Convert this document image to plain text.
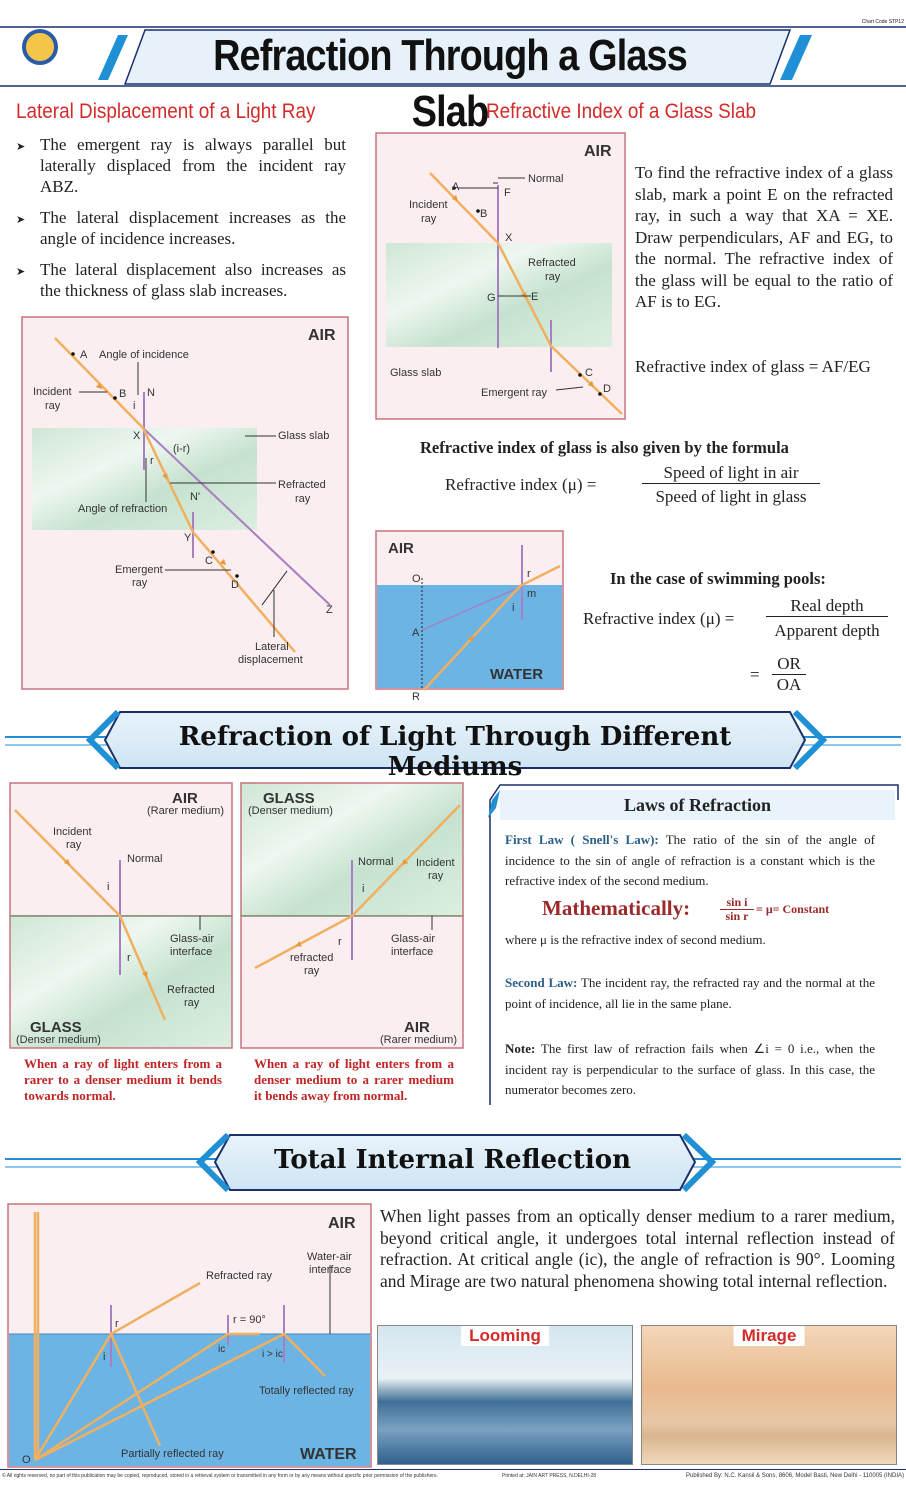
AIR
A Angle of incidence
Incident
ray
B N
i
X	Glass slab
(i-r)
r
Refracted
ray
N'
Angle of refraction
Y
C
Emergent
ray	D
Z
Lateral
displacement
AIR
Normal
A	F
Incident
ray	B
X
Refracted
ray
G	E
Glass slab	C
Emergent ray	D
AIR
WATER
O
A
R
r
i
m
AIR
(Rarer medium)
GLASS
(Denser medium)
Incident
ray
Normal
i
r
Glass-air
interface
Refracted
ray
GLASS
(Denser medium)
AIR
(Rarer medium)
Normal Incident
ray
i
r
refracted
ray
Glass-air
interface
AIR
WATER
Water-air
interface
Refracted ray
r	r = 90°
i
ic	i > ic
Totally reflected ray
Partially reflected ray
O
Refraction Through a Glass Slab
Chart Code STP12
Lateral Displacement of a Light Ray
➤ The emergent ray is always parallel but laterally displaced from the incident ray ABZ.
➤ The lateral displacement increases as the angle of incidence increases.
➤ The lateral displacement also increases as the thickness of glass slab increases.
Refractive Index of a Glass Slab
To find the refractive index of a glass slab, mark a point E on the refracted ray, in such a way that XA = XE. Draw perpendiculars, AF and EG, to the normal. The refractive index of the glass will be equal to the ratio of AF is to EG.
Refractive index of glass = AF/EG
Refractive index of glass is also given by the formula
Refractive index (μ) =
Speed of light in air
Speed of light in glass
In the case of swimming pools:
Refractive index (μ) =
Real depth
Apparent depth
=
OR
OA
Refraction of Light Through Different Mediums
When a ray of light enters from a rarer to a denser medium it bends towards normal.
When a ray of light enters from a denser medium to a rarer medium it bends away from normal.
Laws of Refraction
First Law ( Snell's Law): The ratio of the sin of the angle of incidence to the sin of angle of refraction is a constant which is the refractive index of the second medium.
Mathematically:	sin i
sin r = μ= Constant
where μ is the refractive index of second medium.
Second Law: The incident ray, the refracted ray and the normal at the point of incidence, all lie in the same plane.
Note: The first law of refraction fails when ∠i = 0 i.e., when the incident ray is perpendicular to the surface of glass. In this case, the numerator becomes zero.
Total Internal Reflection
When light passes from an optically denser medium to a rarer medium, beyond critical angle, it undergoes total internal reflection instead of refraction. At critical angle (ic), the angle of refraction is 90°. Looming and Mirage are two natural phenomena showing total internal reflection.
Looming	Mirage
© All rights reserved, no part of this publication may be copied, reproduced, stored in a retrieval system or transmitted in any form or by any means without specific prior permission of the publishers.	Printed at: JAIN ART PRESS, N.DELHI-28	Published By: N.C. Kansil & Sons, 8606, Model Basti, New Delhi - 110005 (INDIA)
